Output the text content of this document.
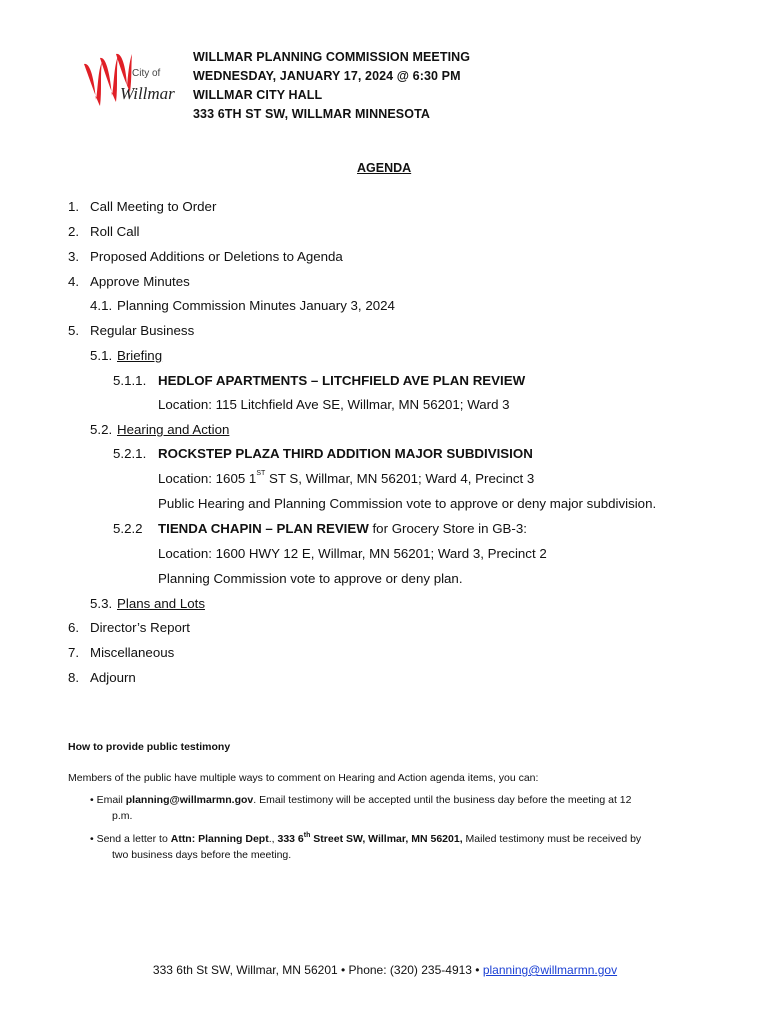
City of
Willmar
WILLMAR PLANNING COMMISSION MEETING
WEDNESDAY, JANUARY 17, 2024 @ 6:30 PM
WILLMAR CITY HALL
333 6TH ST SW, WILLMAR MINNESOTA
AGENDA
1. Call Meeting to Order
2. Roll Call
3. Proposed Additions or Deletions to Agenda
4. Approve Minutes
4.1. Planning Commission Minutes January 3, 2024
5. Regular Business
5.1. Briefing
5.1.1. HEDLOF APARTMENTS – LITCHFIELD AVE PLAN REVIEW
Location: 115 Litchfield Ave SE, Willmar, MN 56201; Ward 3
5.2. Hearing and Action
5.2.1. ROCKSTEP PLAZA THIRD ADDITION MAJOR SUBDIVISION
Location: 1605 1ST ST S, Willmar, MN 56201; Ward 4, Precinct 3
Public Hearing and Planning Commission vote to approve or deny major subdivision.
5.2.2 TIENDA CHAPIN – PLAN REVIEW for Grocery Store in GB-3:
Location: 1600 HWY 12 E, Willmar, MN 56201; Ward 3, Precinct 2
Planning Commission vote to approve or deny plan.
5.3. Plans and Lots
6. Director’s Report
7. Miscellaneous
8. Adjourn
How to provide public testimony
Members of the public have multiple ways to comment on Hearing and Action agenda items, you can:
• Email planning@willmarmn.gov. Email testimony will be accepted until the business day before the meeting at 12
p.m.
• Send a letter to Attn: Planning Dept., 333 6th Street SW, Willmar, MN 56201, Mailed testimony must be received by
two business days before the meeting.
333 6th St SW, Willmar, MN 56201 • Phone: (320) 235-4913 • planning@willmarmn.gov
